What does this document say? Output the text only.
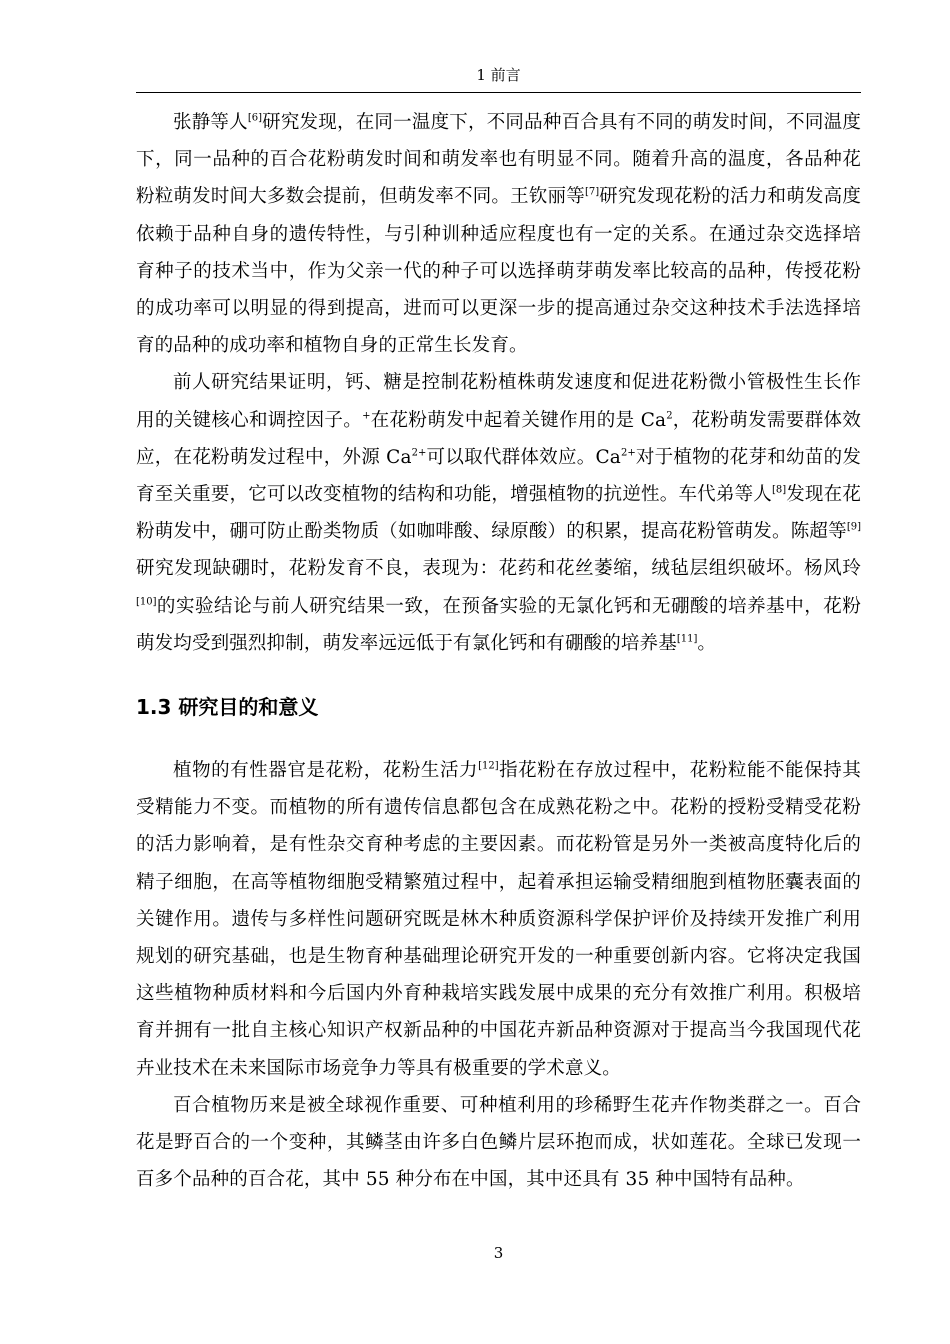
1 前言

张静等人[6]研究发现，在同一温度下，不同品种百合具有不同的萌发时间，不同温度下，同一品种的百合花粉萌发时间和萌发率也有明显不同。随着升高的温度，各品种花粉粒萌发时间大多数会提前，但萌发率不同。王钦丽等[7]研究发现花粉的活力和萌发高度依赖于品种自身的遗传特性，与引种训种适应程度也有一定的关系。在通过杂交选择培育种子的技术当中，作为父亲一代的种子可以选择萌芽萌发率比较高的品种，传授花粉的成功率可以明显的得到提高，进而可以更深一步的提高通过杂交这种技术手法选择培育的品种的成功率和植物自身的正常生长发育。

前人研究结果证明，钙、糖是控制花粉植株萌发速度和促进花粉微小管极性生长作用的关键核心和调控因子。+在花粉萌发中起着关键作用的是 Ca$^2$，花粉萌发需要群体效应，在花粉萌发过程中，外源 $Ca^{2+}$可以取代群体效应。$Ca^{2+}$对于植物的花芽和幼苗的发育至关重要，它可以改变植物的结构和功能，增强植物的抗逆性。车代弟等人[8]发现在花粉萌发中，硼可防止酚类物质（如咖啡酸、绿原酸）的积累，提高花粉管萌发。陈超等[9]研究发现缺硼时，花粉发育不良，表现为：花药和花丝萎缩，绒毡层组织破坏。杨风玲[10]的实验结论与前人研究结果一致，在预备实验的无氯化钙和无硼酸的培养基中，花粉萌发均受到强烈抑制，萌发率远远低于有氯化钙和有硼酸的培养基[11]。

1.3 研究目的和意义

植物的有性器官是花粉，花粉生活力[12]指花粉在存放过程中，花粉粒能不能保持其受精能力不变。而植物的所有遗传信息都包含在成熟花粉之中。花粉的授粉受精受花粉的活力影响着，是有性杂交育种考虑的主要因素。而花粉管是另外一类被高度特化后的精子细胞，在高等植物细胞受精繁殖过程中，起着承担运输受精细胞到植物胚囊表面的关键作用。遗传与多样性问题研究既是林木种质资源科学保护评价及持续开发推广利用规划的研究基础，也是生物育种基础理论研究开发的一种重要创新内容。它将决定我国这些植物种质材料和今后国内外育种栽培实践发展中成果的充分有效推广利用。积极培育并拥有一批自主核心知识产权新品种的中国花卉新品种资源对于提高当今我国现代花卉业技术在未来国际市场竞争力等具有极重要的学术意义。

百合植物历来是被全球视作重要、可种植利用的珍稀野生花卉作物类群之一。百合花是野百合的一个变种，其鳞茎由许多白色鳞片层环抱而成，状如莲花。全球已发现一百多个品种的百合花，其中 55 种分布在中国，其中还具有 35 种中国特有品种。

3
